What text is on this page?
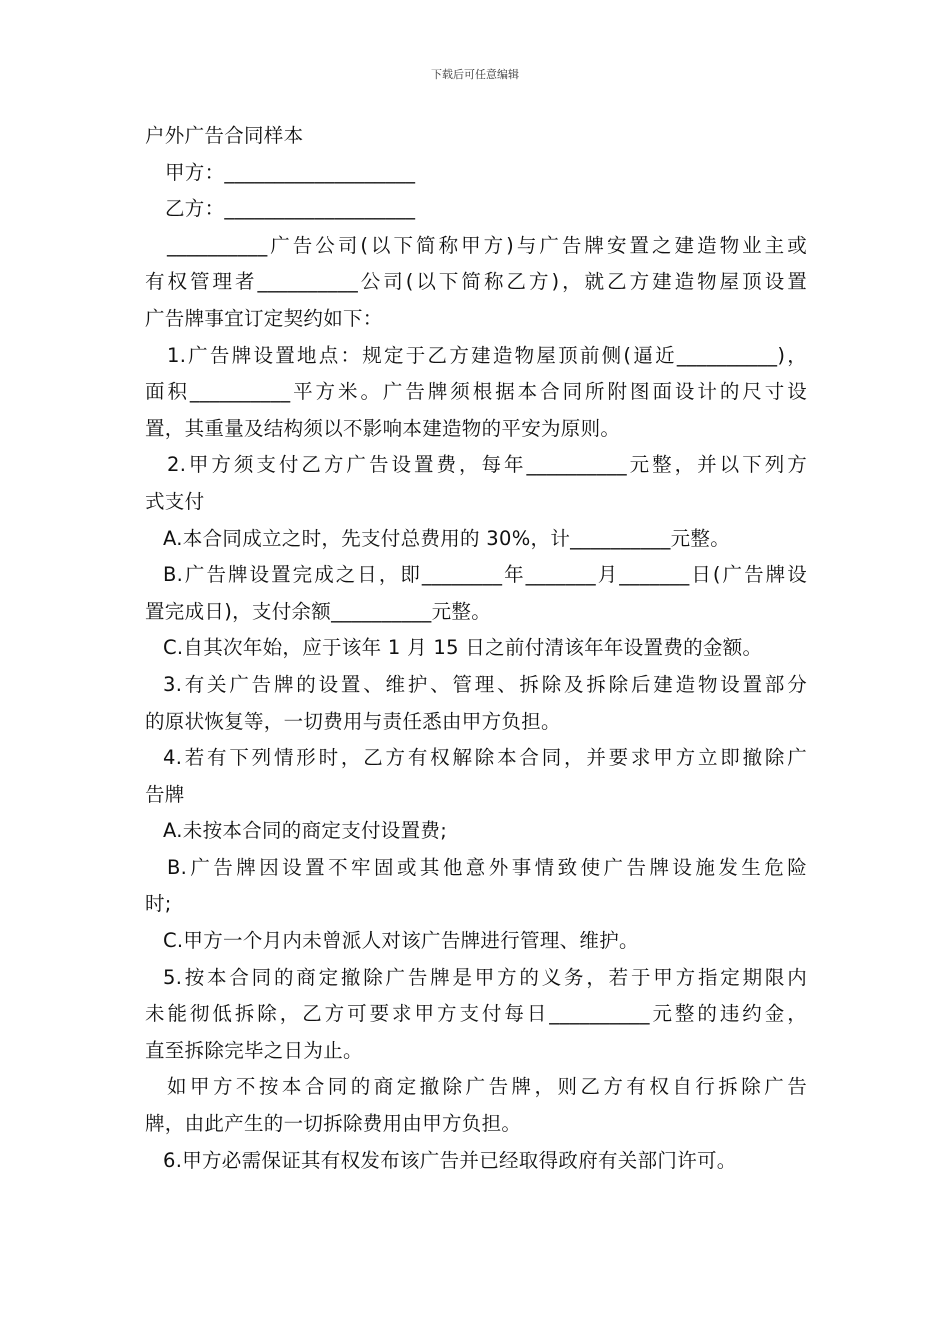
下载后可任意编辑
户外广告合同样本
甲方：___________________
乙方：___________________
__________广告公司(以下简称甲方)与广告牌安置之建造物业主或
有权管理者__________公司(以下简称乙方)，就乙方建造物屋顶设置
广告牌事宜订定契约如下：
1.广告牌设置地点：规定于乙方建造物屋顶前侧(逼近__________)，
面积__________平方米。广告牌须根据本合同所附图面设计的尺寸设
置，其重量及结构须以不影响本建造物的平安为原则。
2.甲方须支付乙方广告设置费，每年__________元整，并以下列方
式支付
A.本合同成立之时，先支付总费用的 30%，计__________元整。
B.广告牌设置完成之日，即________年_______月_______日(广告牌设
置完成日)，支付余额__________元整。
C.自其次年始，应于该年 1 月 15 日之前付清该年年设置费的金额。
3.有关广告牌的设置、维护、管理、拆除及拆除后建造物设置部分
的原状恢复等，一切费用与责任悉由甲方负担。
4.若有下列情形时，乙方有权解除本合同，并要求甲方立即撤除广
告牌
A.未按本合同的商定支付设置费;
B.广告牌因设置不牢固或其他意外事情致使广告牌设施发生危险
时;
C.甲方一个月内未曾派人对该广告牌进行管理、维护。
5.按本合同的商定撤除广告牌是甲方的义务，若于甲方指定期限内
未能彻低拆除，乙方可要求甲方支付每日__________元整的违约金，
直至拆除完毕之日为止。
如甲方不按本合同的商定撤除广告牌，则乙方有权自行拆除广告
牌，由此产生的一切拆除费用由甲方负担。
6.甲方必需保证其有权发布该广告并已经取得政府有关部门许可。
